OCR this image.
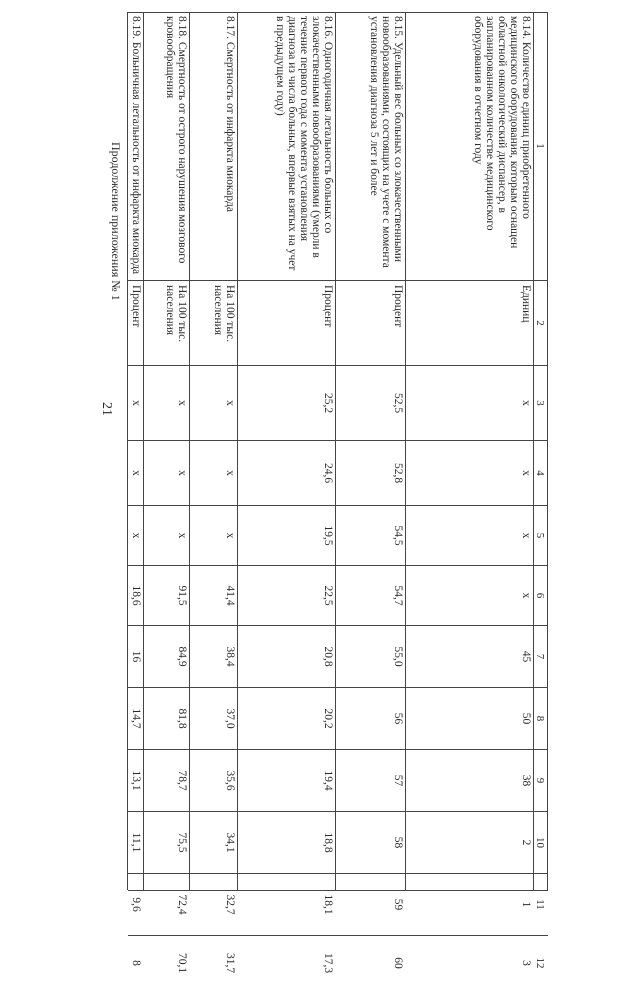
21
Продолжение приложения № 1	1
2
3
4
5
6
7
8
9
10
11
12
8.14. Количество единиц приобретенного медицинского оборудования, которым оснащен областной онкологический диспансер, в запланированном количестве медицинского оборудования в отчетном году
Единиц
х
х
х
х
45
50
38
2
1
3
8.15. Удельный вес больных со злокачественными новообразованиями, состоящих на учете с момента установления диагноза 5 лет и более
Процент
52,5
52,8
54,5
54,7
55,0
56
57
58
59
60
8.16. Одногодичная летальность больных со злокачественными новообразованиями (умерли в течение первого года с момента установления диагноза из числа больных, впервые взятых на учет в предыдущем году)
Процент
25,2
24,6
19,5
22,5
20,8
20,2
19,4
18,8
18,1
17,3
8.17. Смертность от инфаркта миокарда
На 100 тыс. населения
х
х
х
41,4
38,4
37,0
35,6
34,1
32,7
31,7
8.18. Смертность от острого нарушения мозгового кровообращения
На 100 тыс. населения
х
х
х
91,5
84,9
81,8
78,7
75,5
72,4
70,1
8.19. Больничная летальность от инфаркта миокарда
Процент
х
х
х
18,6
16
14,7
13,1
11,1
9,6
8
